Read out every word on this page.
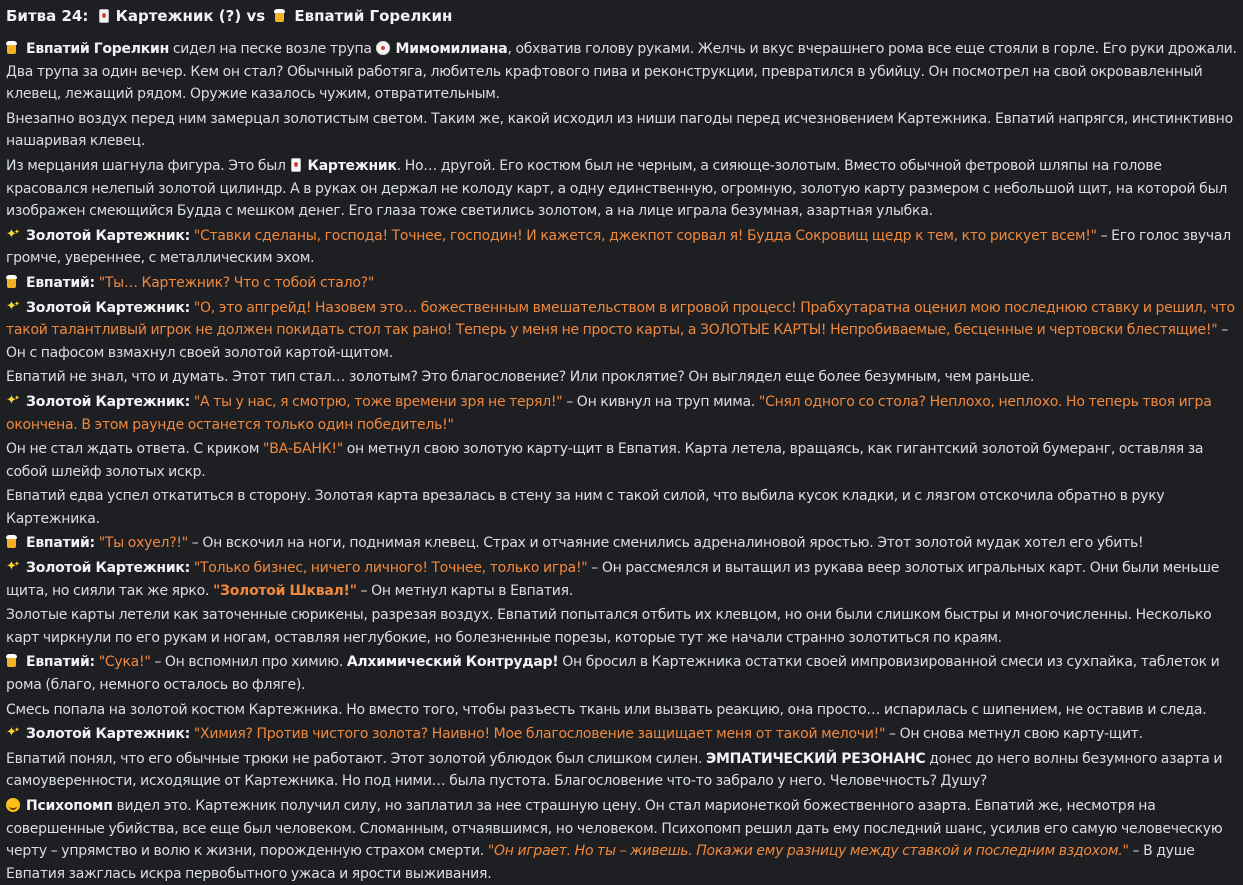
Битва 24: Картежник (?) vs Евпатий Горелкин

Евпатий Горелкин сидел на песке возле трупа Мимомилиана, обхватив голову руками. Желчь и вкус вчерашнего рома все еще стояли в горле. Его руки дрожали. Два трупа за один вечер. Кем он стал? Обычный работяга, любитель крафтового пива и реконструкции, превратился в убийцу. Он посмотрел на свой окровавленный клевец, лежащий рядом. Оружие казалось чужим, отвратительным.

Внезапно воздух перед ним замерцал золотистым светом. Таким же, какой исходил из ниши пагоды перед исчезновением Картежника. Евпатий напрягся, инстинктивно нашаривая клевец.

Из мерцания шагнула фигура. Это был Картежник. Но… другой. Его костюм был не черным, а сияюще-золотым. Вместо обычной фетровой шляпы на голове красовался нелепый золотой цилиндр. А в руках он держал не колоду карт, а одну единственную, огромную, золотую карту размером с небольшой щит, на которой был изображен смеющийся Будда с мешком денег. Его глаза тоже светились золотом, а на лице играла безумная, азартная улыбка.

✦ ✦Золотой Картежник: "Ставки сделаны, господа! Точнее, господин! И кажется, джекпот сорвал я! Будда Сокровищ щедр к тем, кто рискует всем!" – Его голос звучал громче, увереннее, с металлическим эхом.

Евпатий: "Ты… Картежник? Что с тобой стало?"

✦ ✦Золотой Картежник: "О, это апгрейд! Назовем это… божественным вмешательством в игровой процесс! Прабхутаратна оценил мою последнюю ставку и решил, что такой талантливый игрок не должен покидать стол так рано! Теперь у меня не просто карты, а ЗОЛОТЫЕ КАРТЫ! Непробиваемые, бесценные и чертовски блестящие!" – Он с пафосом взмахнул своей золотой картой-щитом.

Евпатий не знал, что и думать. Этот тип стал… золотым? Это благословение? Или проклятие? Он выглядел еще более безумным, чем раньше.

✦ ✦Золотой Картежник: "А ты у нас, я смотрю, тоже времени зря не терял!" – Он кивнул на труп мима. "Снял одного со стола? Неплохо, неплохо. Но теперь твоя игра окончена. В этом раунде останется только один победитель!"

Он не стал ждать ответа. С криком "ВА-БАНК!" он метнул свою золотую карту-щит в Евпатия. Карта летела, вращаясь, как гигантский золотой бумеранг, оставляя за собой шлейф золотых искр.

Евпатий едва успел откатиться в сторону. Золотая карта врезалась в стену за ним с такой силой, что выбила кусок кладки, и с лязгом отскочила обратно в руку Картежника.

Евпатий: "Ты охуел?!" – Он вскочил на ноги, поднимая клевец. Страх и отчаяние сменились адреналиновой яростью. Этот золотой мудак хотел его убить!

✦ ✦Золотой Картежник: "Только бизнес, ничего личного! Точнее, только игра!" – Он рассмеялся и вытащил из рукава веер золотых игральных карт. Они были меньше щита, но сияли так же ярко. "Золотой Шквал!" – Он метнул карты в Евпатия.

Золотые карты летели как заточенные сюрикены, разрезая воздух. Евпатий попытался отбить их клевцом, но они были слишком быстры и многочисленны. Несколько карт чиркнули по его рукам и ногам, оставляя неглубокие, но болезненные порезы, которые тут же начали странно золотиться по краям.

Евпатий: "Сука!" – Он вспомнил про химию. Алхимический Контрудар! Он бросил в Картежника остатки своей импровизированной смеси из сухпайка, таблеток и рома (благо, немного осталось во фляге).

Смесь попала на золотой костюм Картежника. Но вместо того, чтобы разъесть ткань или вызвать реакцию, она просто… испарилась с шипением, не оставив и следа.

✦ ✦Золотой Картежник: "Химия? Против чистого золота? Наивно! Мое благословение защищает меня от такой мелочи!" – Он снова метнул свою карту-щит.

Евпатий понял, что его обычные трюки не работают. Этот золотой ублюдок был слишком силен. ЭМПАТИЧЕСКИЙ РЕЗОНАНС донес до него волны безумного азарта и самоуверенности, исходящие от Картежника. Но под ними… была пустота. Благословение что-то забрало у него. Человечность? Душу?

Психопомп видел это. Картежник получил силу, но заплатил за нее страшную цену. Он стал марионеткой божественного азарта. Евпатий же, несмотря на совершенные убийства, все еще был человеком. Сломанным, отчаявшимся, но человеком. Психопомп решил дать ему последний шанс, усилив его самую человеческую черту – упрямство и волю к жизни, порожденную страхом смерти. "Он играет. Но ты – живешь. Покажи ему разницу между ставкой и последним вздохом." – В душе Евпатия зажглась искра первобытного ужаса и ярости выживания.
